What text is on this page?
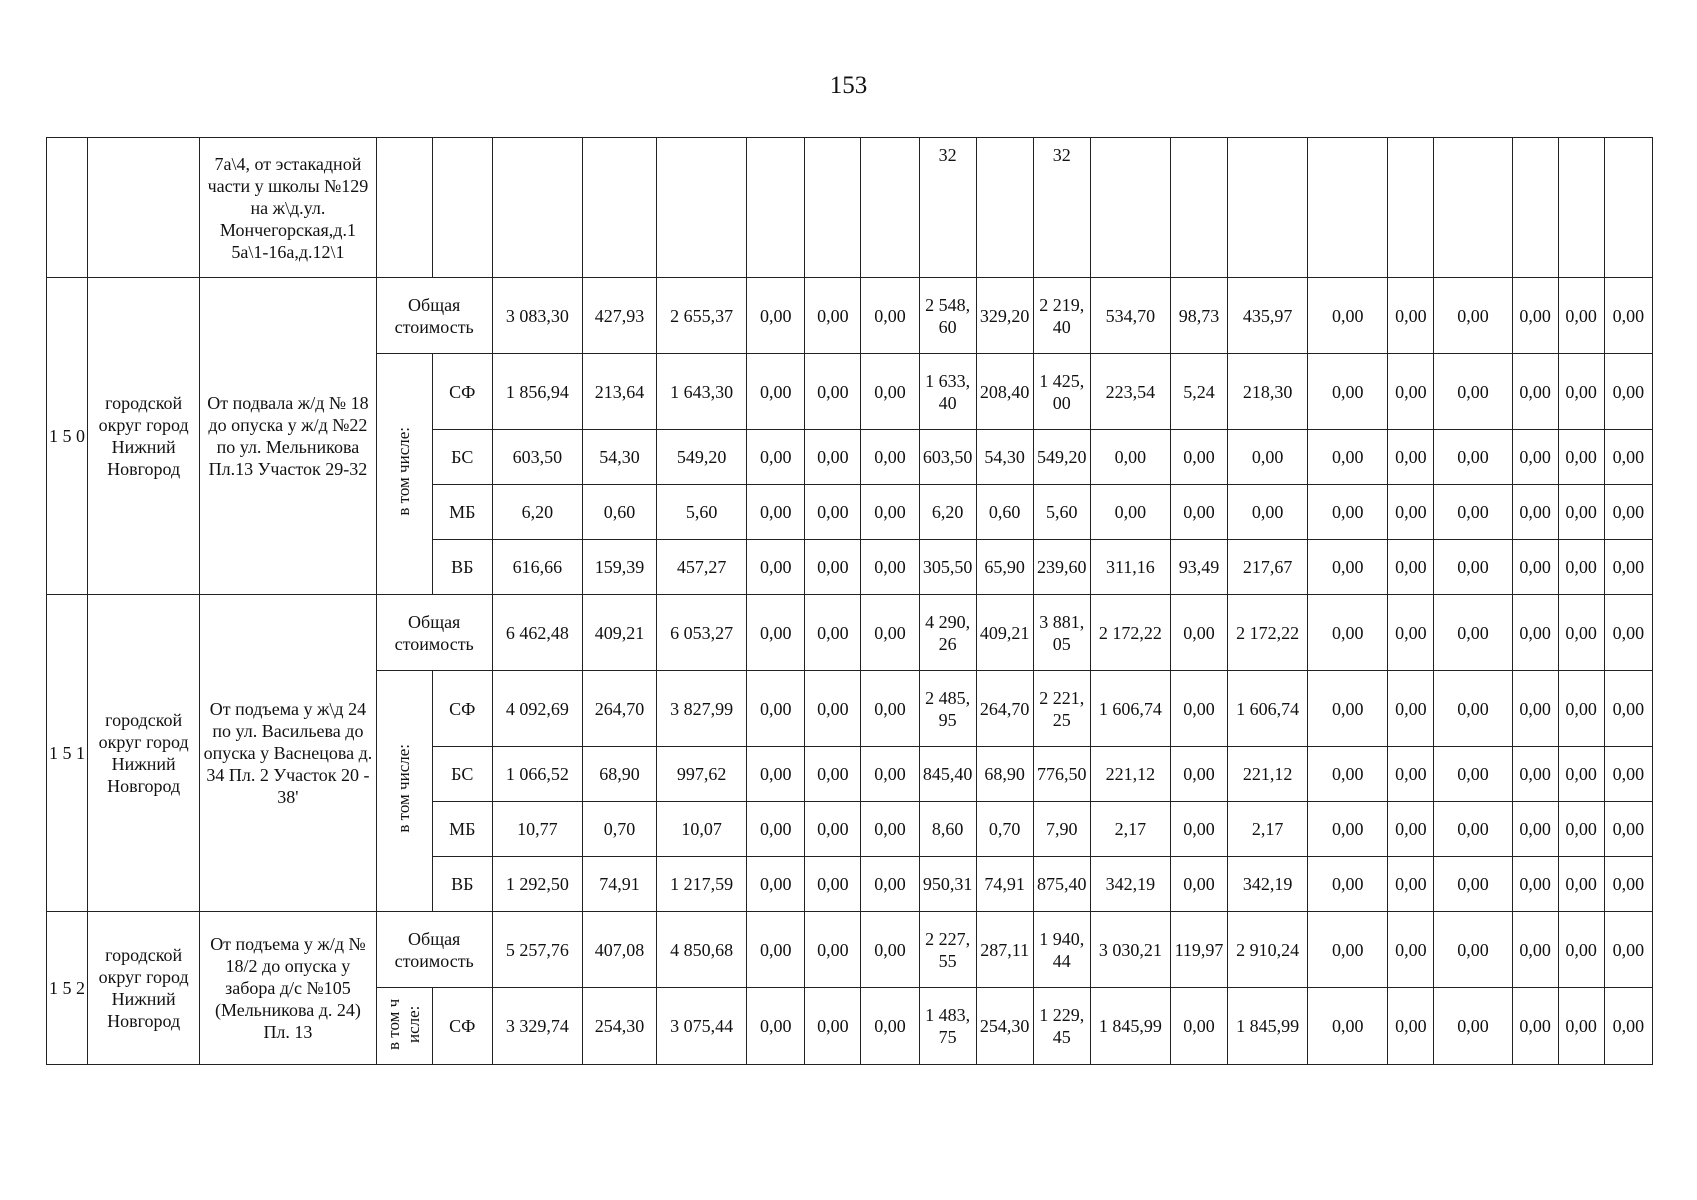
153
		7а\4, от эстакадной части у школы №129 на ж\д.ул. Мончегорская,д.1 5а\1-16а,д.12\1									32		32									
1 5 0	городской округ город Нижний Новгород	От подвала ж/д № 18 до опуска у ж/д №22 по ул. Мельникова Пл.13 Участок 29-32	Общая стоимость		3 083,30	427,93	2 655,37	0,00	0,00	0,00	2 548,60	329,20	2 219,40	534,70	98,73	435,97	0,00	0,00	0,00	0,00	0,00	0,00
			в том числе:	СФ	1 856,94	213,64	1 643,30	0,00	0,00	0,00	1 633,40	208,40	1 425,00	223,54	5,24	218,30	0,00	0,00	0,00	0,00	0,00	0,00
				БС	603,50	54,30	549,20	0,00	0,00	0,00	603,50	54,30	549,20	0,00	0,00	0,00	0,00	0,00	0,00	0,00	0,00	0,00
				МБ	6,20	0,60	5,60	0,00	0,00	0,00	6,20	0,60	5,60	0,00	0,00	0,00	0,00	0,00	0,00	0,00	0,00	0,00
				ВБ	616,66	159,39	457,27	0,00	0,00	0,00	305,50	65,90	239,60	311,16	93,49	217,67	0,00	0,00	0,00	0,00	0,00	0,00
1 5 1	городской округ город Нижний Новгород	От подъема у ж\д 24 по ул. Васильева до опуска у Васнецова д. 34 Пл. 2 Участок 20 - 38'	Общая стоимость		6 462,48	409,21	6 053,27	0,00	0,00	0,00	4 290,26	409,21	3 881,05	2 172,22	0,00	2 172,22	0,00	0,00	0,00	0,00	0,00	0,00
			в том числе:	СФ	4 092,69	264,70	3 827,99	0,00	0,00	0,00	2 485,95	264,70	2 221,25	1 606,74	0,00	1 606,74	0,00	0,00	0,00	0,00	0,00	0,00
				БС	1 066,52	68,90	997,62	0,00	0,00	0,00	845,40	68,90	776,50	221,12	0,00	221,12	0,00	0,00	0,00	0,00	0,00	0,00
				МБ	10,77	0,70	10,07	0,00	0,00	0,00	8,60	0,70	7,90	2,17	0,00	2,17	0,00	0,00	0,00	0,00	0,00	0,00
				ВБ	1 292,50	74,91	1 217,59	0,00	0,00	0,00	950,31	74,91	875,40	342,19	0,00	342,19	0,00	0,00	0,00	0,00	0,00	0,00
1 5 2	городской округ город Нижний Новгород	От подъема у ж/д № 18/2 до опуска у забора д/с №105 (Мельникова д. 24) Пл. 13	Общая стоимость		5 257,76	407,08	4 850,68	0,00	0,00	0,00	2 227,55	287,11	1 940,44	3 030,21	119,97	2 910,24	0,00	0,00	0,00	0,00	0,00	0,00
			в том числе:	СФ	3 329,74	254,30	3 075,44	0,00	0,00	0,00	1 483,75	254,30	1 229,45	1 845,99	0,00	1 845,99	0,00	0,00	0,00	0,00	0,00	0,00
